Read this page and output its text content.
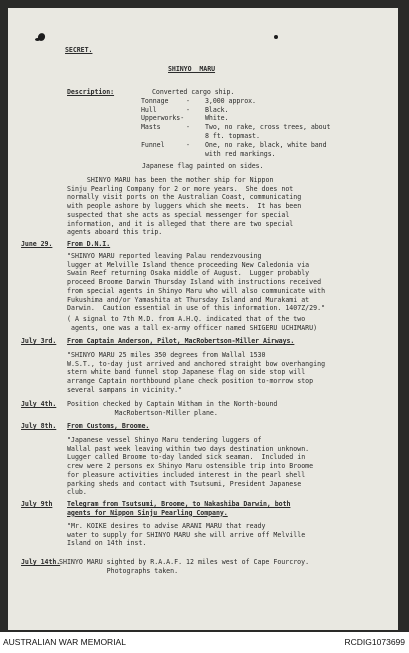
SECRET.
SHINYO  MARU
Description:	Converted cargo ship.
Tonnage	- 3,000 approx.
Hull	- Black.
Upperworks-	White.
Masts	- Two, no rake, cross trees, about
8 ft. topmast.
Funnel	- One, no rake, black, white band
with red markings.
Japanese flag painted on sides.
SHINYO MARU has been the mother ship for Nippon
Sinju Pearling Company for 2 or more years.  She does not
normally visit ports on the Australian Coast, communicating
with people ashore by luggers which she meets.  It has been
suspected that she acts as special messenger for special
information, and it is alleged that there are two special
agents aboard this trip.
June 29. From D.N.I.
"SHINYO MARU reported leaving Palau rendezvousing
lugger at Melville Island thence proceeding New Caledonia via
Swain Reef returning Osaka middle of August.  Lugger probably
proceed Broome Darwin Thursday Island with instructions received
from special agents in Shinyo Maru who will also communicate with
Fukushima and/or Yamashita at Thursday Island and Murakami at
Darwin.  Caution essential in use of this information. 1407Z/29."
( A signal to 7th M.D. from A.H.Q. indicated that of the two
agents, one was a tall ex-army officer named SHIGERU UCHIMARU)
July 3rd. From Captain Anderson, Pilot, MacRobertson-Miller Airways.
"SHINYO MARU 25 miles 350 degrees from Wallal 1530
W.S.T., to-day just arrived and anchored straight bow overhanging
stern white band funnel stop Japanese flag on side stop will
arrange Captain northbound plane check position to-morrow stop
several sampans in vicinity."
July 4th. Position checked by Captain Witham in the North-bound
MacRobertson-Miller plane.
July 8th. From Customs, Broome.
"Japanese vessel Shinyo Maru tendering luggers of
Wallal past week leaving within two days destination unknown.
Lugger called Broome to-day landed sick seaman.  Included in
crew were 2 persons ex Shinyo Maru ostensible trip into Broome
for pleasure activities included interest in the pearl shell
parking sheds and contact with Tsutsumi, President Japanese
club.
July 9th Telegram from Tsutsumi, Broome, to Nakashiba Darwin, both
agents for Nippon Sinju Pearling Company.
"Mr. KOIKE desires to advise ARANI MARU that ready
water to supply for SHINYO MARU she will arrive off Melville
Island on 14th inst.
July 14th.
SHINYO MARU sighted by R.A.A.F. 12 miles west of Cape Fourcroy.
Photographs taken.
AUSTRALIAN WAR MEMORIAL	RCDIG1073699
